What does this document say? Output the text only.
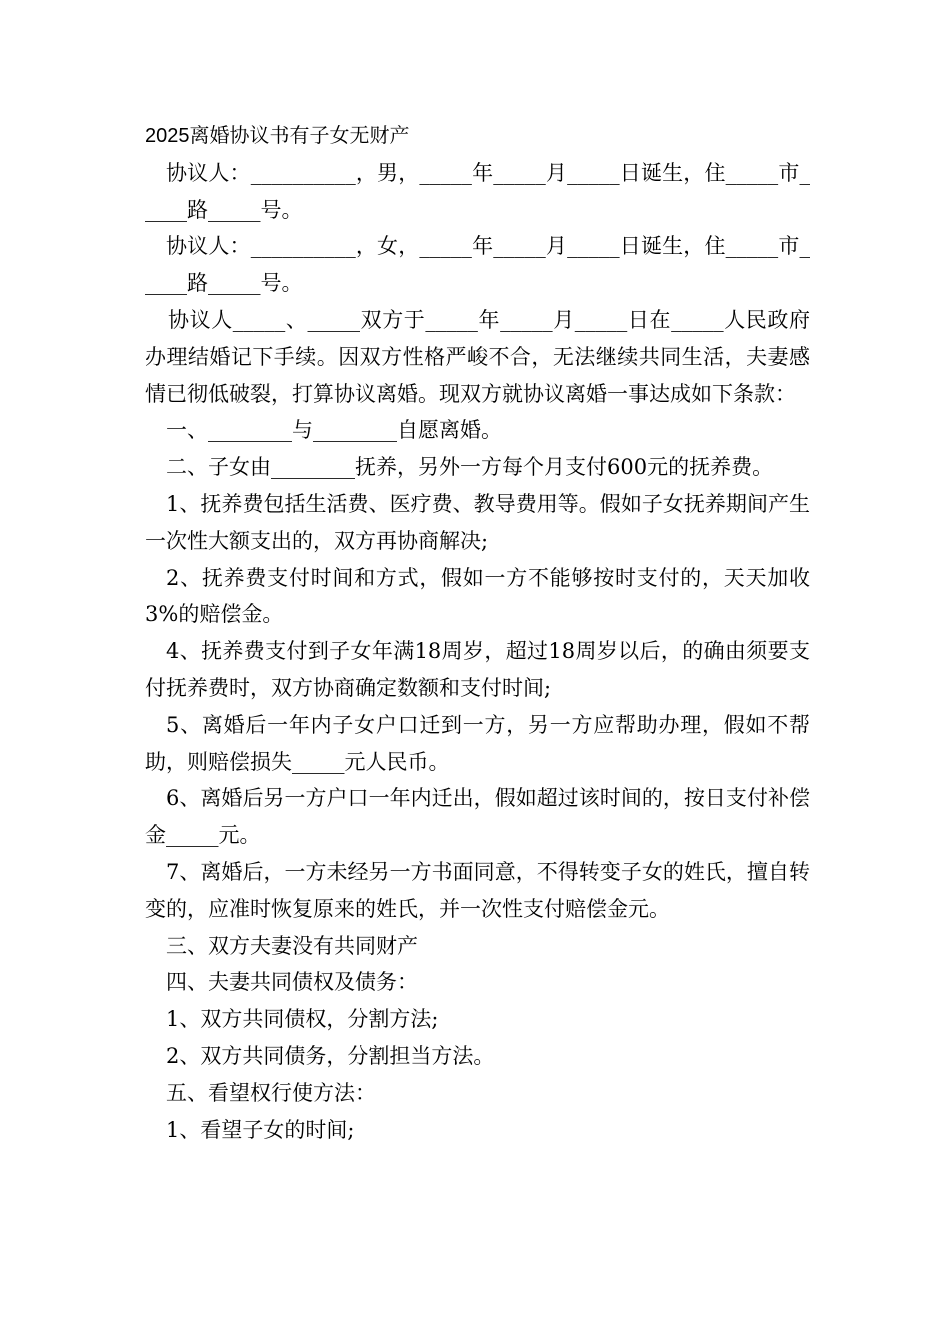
2025离婚协议书有子女无财产

协议人：__________，男，_____年_____月_____日诞生，住_____市_____路_____号。

协议人：__________，女，_____年_____月_____日诞生，住_____市_____路_____号。

协议人_____、_____双方于_____年_____月_____日在_____人民政府办理结婚记下手续。因双方性格严峻不合，无法继续共同生活，夫妻感情已彻低破裂，打算协议离婚。现双方就协议离婚一事达成如下条款：

一、________与________自愿离婚。

二、子女由________抚养，另外一方每个月支付600元的抚养费。

1、抚养费包括生活费、医疗费、教导费用等。假如子女抚养期间产生一次性大额支出的，双方再协商解决;

2、抚养费支付时间和方式，假如一方不能够按时支付的，天天加收3%的赔偿金。

4、抚养费支付到子女年满18周岁，超过18周岁以后，的确由须要支付抚养费时，双方协商确定数额和支付时间;

5、离婚后一年内子女户口迁到一方，另一方应帮助办理，假如不帮助，则赔偿损失_____元人民币。

6、离婚后另一方户口一年内迁出，假如超过该时间的，按日支付补偿金_____元。

7、离婚后，一方未经另一方书面同意，不得转变子女的姓氏，擅自转变的，应准时恢复原来的姓氏，并一次性支付赔偿金元。

三、双方夫妻没有共同财产

四、夫妻共同债权及债务：

1、双方共同债权，分割方法;

2、双方共同债务，分割担当方法。

五、看望权行使方法：

1、看望子女的时间;
